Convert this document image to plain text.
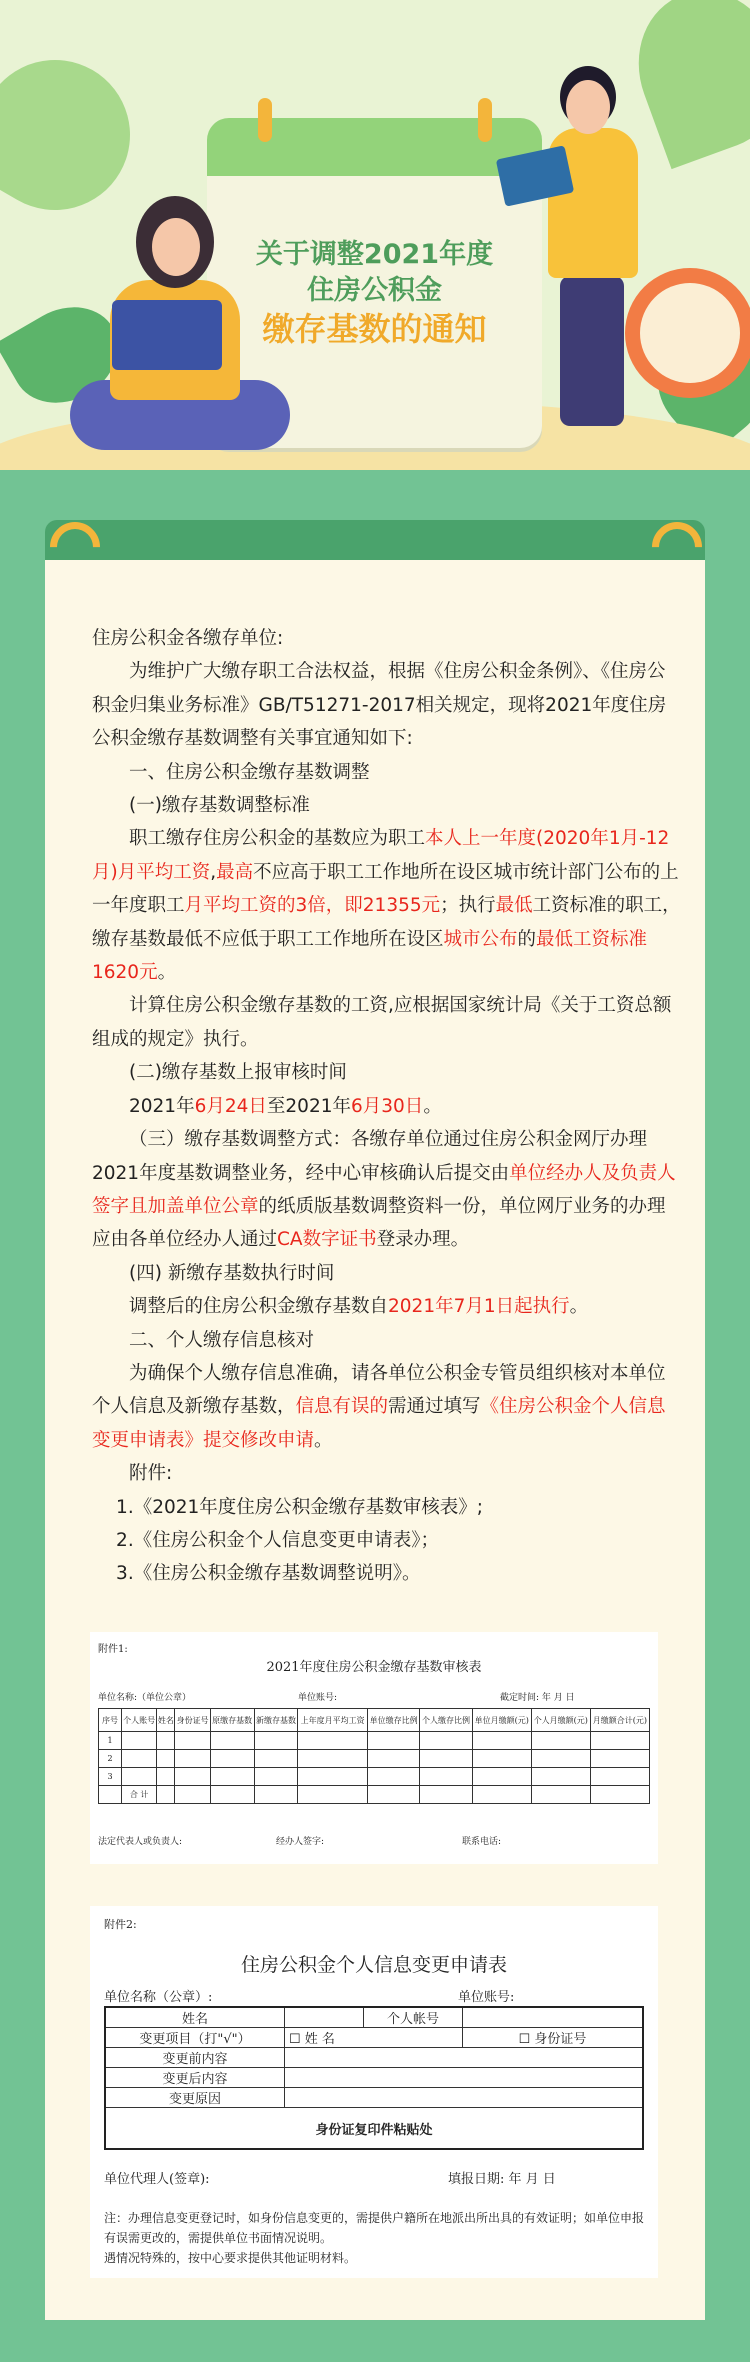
关于调整2021年度
住房公积金
缴存基数的通知

住房公积金各缴存单位:

为维护广大缴存职工合法权益，根据《住房公积金条例》、《住房公积金归集业务标准》GB/T51271-2017相关规定，现将2021年度住房公积金缴存基数调整有关事宜通知如下:

一、住房公积金缴存基数调整

(一)缴存基数调整标准

职工缴存住房公积金的基数应为职工本人上一年度(2020年1月-12月)月平均工资,最高不应高于职工工作地所在设区城市统计部门公布的上一年度职工月平均工资的3倍，即21355元；执行最低工资标准的职工，缴存基数最低不应低于职工工作地所在设区城市公布的最低工资标准1620元。

计算住房公积金缴存基数的工资,应根据国家统计局《关于工资总额组成的规定》执行。

(二)缴存基数上报审核时间

2021年6月24日至2021年6月30日。

（三）缴存基数调整方式：各缴存单位通过住房公积金网厅办理2021年度基数调整业务，经中心审核确认后提交由单位经办人及负责人签字且加盖单位公章的纸质版基数调整资料一份，单位网厅业务的办理应由各单位经办人通过CA数字证书登录办理。

(四) 新缴存基数执行时间

调整后的住房公积金缴存基数自2021年7月1日起执行。

二、个人缴存信息核对

为确保个人缴存信息准确，请各单位公积金专管员组织核对本单位个人信息及新缴存基数，信息有误的需通过填写《住房公积金个人信息变更申请表》提交修改申请。

附件:

1.《2021年度住房公积金缴存基数审核表》;

2.《住房公积金个人信息变更申请表》；

3.《住房公积金缴存基数调整说明》。

附件1:
2021年度住房公积金缴存基数审核表
单位名称:（单位公章）	单位账号:	截定时间: 年 月 日
序号	个人账号	姓名	身份证号	原缴存基数	新缴存基数	上年度月平均工资	单位缴存比例	个人缴存比例	单位月缴额(元)	个人月缴额(元)	月缴额合计(元)
1											
2											
3											
	合 计										
法定代表人或负责人:	经办人签字:	联系电话:
附件2:
住房公积金个人信息变更申请表
单位名称（公章）:	单位账号:
姓名		个人帐号	
变更项目（打"√"）	☐ 姓 名		☐ 身份证号
变更前内容			
变更后内容			
变更原因			
身份证复印件粘贴处			
单位代理人(签章):	填报日期: 年 月 日
注：办理信息变更登记时，如身份信息变更的，需提供户籍所在地派出所出具的有效证明；如单位申报有误需更改的，需提供单位书面情况说明。
遇情况特殊的，按中心要求提供其他证明材料。
